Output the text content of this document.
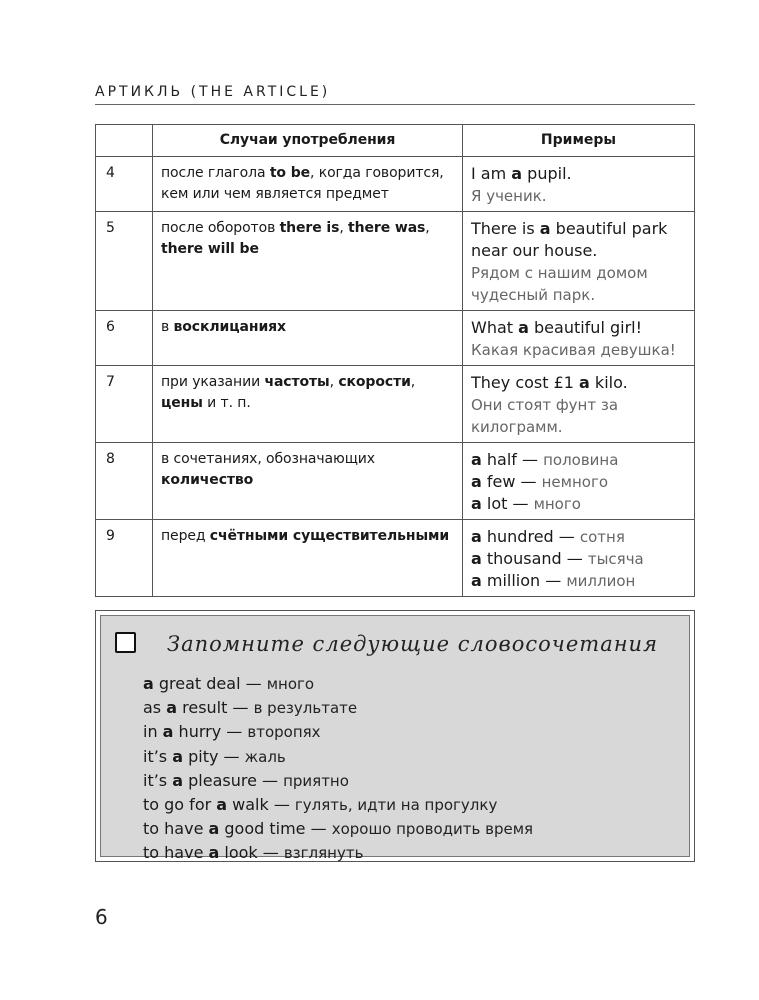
АРТИКЛЬ (THE ARTICLE)
	Случаи употребления	Примеры
4	после глагола to be, когда говорится, кем или чем является предмет	I am a pupil.
Я ученик.

5	после оборотов there is, there was, there will be	There is a beautiful park near our house.
Рядом с нашим домом чудесный парк.

6	в восклицаниях	What a beautiful girl!
Какая красивая девушка!

7	при указании частоты, скорости, цены и т. п.	They cost £1 a kilo.
Они стоят фунт за килограмм.

8	в сочетаниях, обозначающих количество	a half — половина
a few — немного
a lot — много

9	перед счётными существительными	a hundred — сотня
a thousand — тысяча
a million — миллион
Запомните следующие словосочетания
a great deal — много
as a result — в результате
in a hurry — второпях
it’s a pity — жаль
it’s a pleasure — приятно
to go for a walk — гулять, идти на прогулку
to have a good time — хорошо проводить время
to have a look — взглянуть
6
